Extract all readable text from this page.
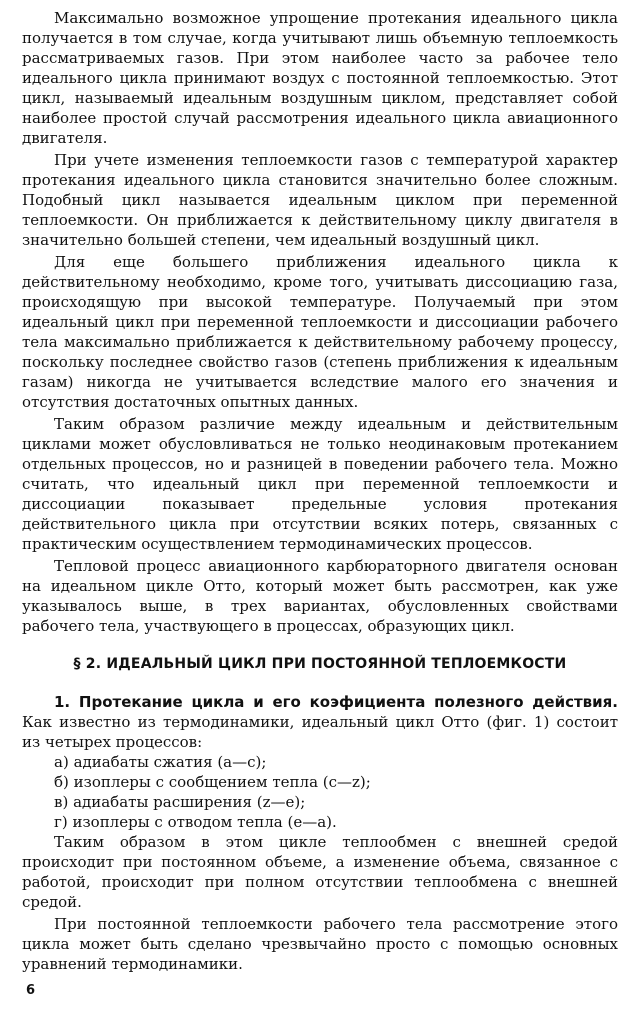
Максимально возможное упрощение протекания идеального цикла получается в том случае, когда учитывают лишь объемную теплоемкость рассматриваемых газов. При этом наиболее часто за рабочее тело идеального цикла принимают воздух с постоянной теплоемкостью. Этот цикл, называемый идеальным воздушным циклом, представляет собой наиболее простой случай рассмотрения идеального цикла авиационного двигателя.

При учете изменения теплоемкости газов с температурой характер протекания идеального цикла становится значительно более сложным. Подобный цикл называется идеальным циклом при переменной теплоемкости. Он приближается к действительному циклу двигателя в значительно большей степени, чем идеальный воздушный цикл.

Для еще большего приближения идеального цикла к действительному необходимо, кроме того, учитывать диссоциацию газа, происходящую при высокой температуре. Получаемый при этом идеальный цикл при переменной теплоемкости и диссоциации рабочего тела максимально приближается к действительному рабочему процессу, поскольку последнее свойство газов (степень приближения к идеальным газам) никогда не учитывается вследствие малого его значения и отсутствия достаточных опытных данных.

Таким образом различие между идеальным и действительным циклами может обусловливаться не только неодинаковым протеканием отдельных процессов, но и разницей в поведении рабочего тела. Можно считать, что идеальный цикл при переменной теплоемкости и диссоциации показывает предельные условия протекания действительного цикла при отсутствии всяких потерь, связанных с практическим осуществлением термодинамических процессов.

Тепловой процесс авиационного карбюраторного двигателя основан на идеальном цикле Отто, который может быть рассмотрен, как уже указывалось выше, в трех вариантах, обусловленных свойствами рабочего тела, участвующего в процессах, образующих цикл.

§ 2. ИДЕАЛЬНЫЙ ЦИКЛ ПРИ ПОСТОЯННОЙ ТЕПЛОЕМКОСТИ

1. Протекание цикла и его коэфициента полезного действия. Как известно из термодинамики, идеальный цикл Отто (фиг. 1) состоит из четырех процессов:

а) адиабаты сжатия (a—c);
б) изоплеры с сообщением тепла (c—z);
в) адиабаты расширения (z—e);
г) изоплеры с отводом тепла (e—a).

Таким образом в этом цикле теплообмен с внешней средой происходит при постоянном объеме, а изменение объема, связанное с работой, происходит при полном отсутствии теплообмена с внешней средой.

При постоянной теплоемкости рабочего тела рассмотрение этого цикла может быть сделано чрезвычайно просто с помощью основных уравнений термодинамики.

6
